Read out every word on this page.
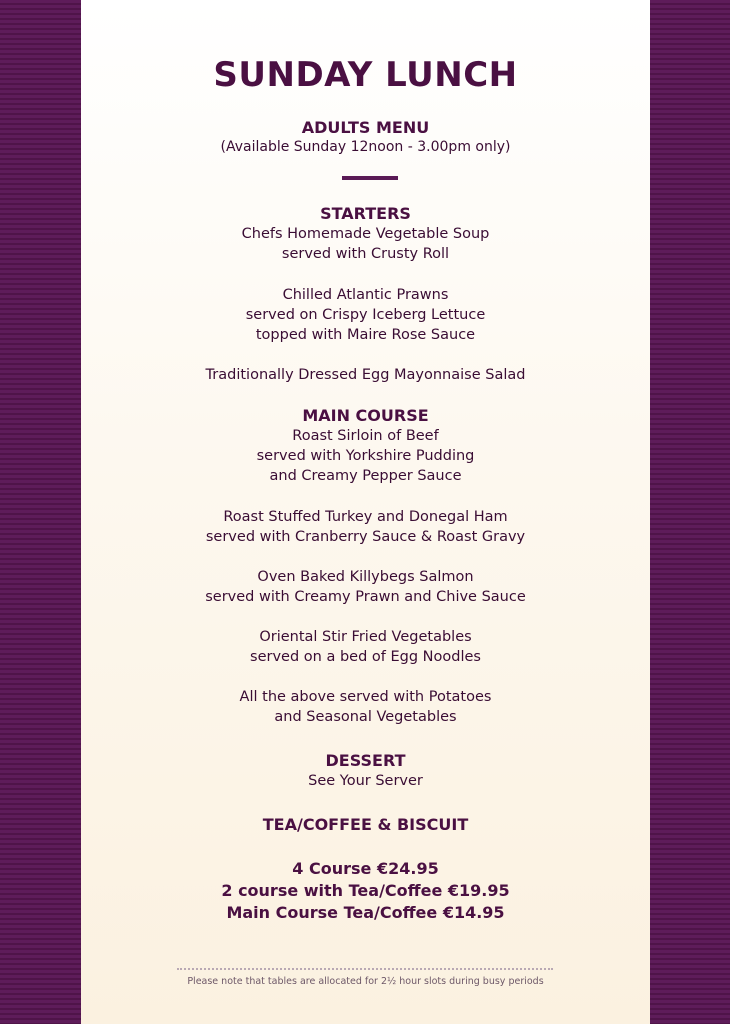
SUNDAY LUNCH
ADULTS MENU
(Available Sunday 12noon - 3.00pm only)
STARTERS
Chefs Homemade Vegetable Soup
served with Crusty Roll
Chilled Atlantic Prawns
served on Crispy Iceberg Lettuce
topped with Maire Rose Sauce
Traditionally Dressed Egg Mayonnaise Salad
MAIN COURSE
Roast Sirloin of Beef
served with Yorkshire Pudding
and Creamy Pepper Sauce
Roast Stuffed Turkey and Donegal Ham
served with Cranberry Sauce & Roast Gravy
Oven Baked Killybegs Salmon
served with Creamy Prawn and Chive Sauce
Oriental Stir Fried Vegetables
served on a bed of Egg Noodles
All the above served with Potatoes
and Seasonal Vegetables
DESSERT
See Your Server
TEA/COFFEE & BISCUIT
4 Course €24.95
2 course with Tea/Coffee €19.95
Main Course Tea/Coffee €14.95
Please note that tables are allocated for 2½ hour slots during busy periods
